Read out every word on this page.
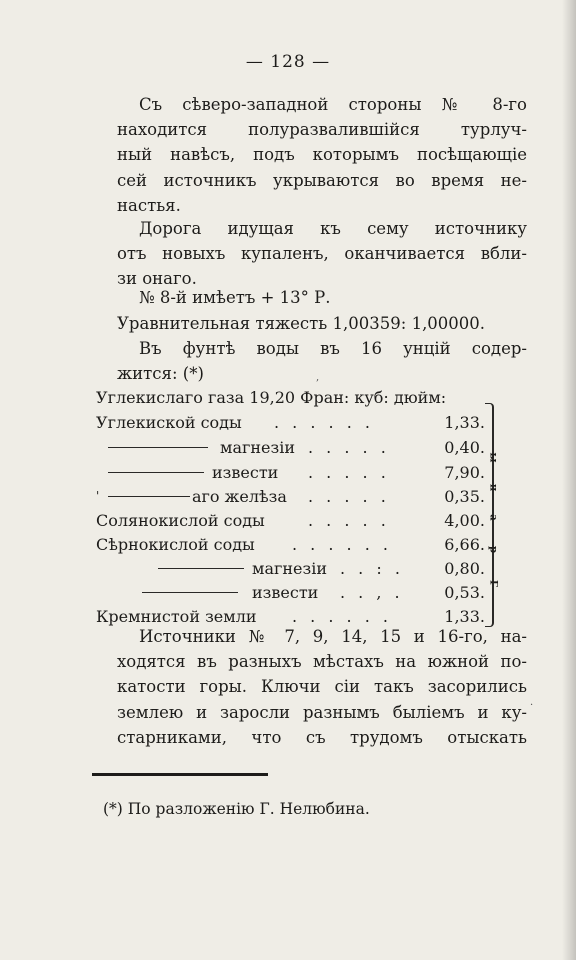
— 128 —
Съ сѣверо-западной стороны № 8-го
находится полуразвалившійся турлуч-
ный навѣсъ, подъ которымъ посѣщающіе
сей источникъ укрываются во время не-
настья.
Дорога идущая къ сему источнику
отъ новыхъ купаленъ, оканчивается вбли-
зи онаго.
№ 8-й имѣетъ + 13° Р.
Уравнительная тяжесть 1,00359: 1,00000.
Въ фунтѣ воды въ 16 унцій содер-
жится: (*)	,
Углекислаго газа 19,20 Фран: куб: дюйм:
Углекиской соды . . . . . .	1,33.
магнезіи . . . . .	0,40.
извести . . . . .	7,90.
'	аго желѣза . . . . .	0,35.
Солянокислой соды	. . . . .	4,00.
Сѣрнокислой соды . . . . . .	6,66.
магнезіи . . : .	0,80.
извести . . , .	0,53.
Кремнистой земли . . . . . .	1,33.
Г
р
а
н
ы
Источники № 7, 9, 14, 15 и 16-го, на-
ходятся въ разныхъ мѣстахъ на южной по-
катости горы. Ключи сіи такъ засорились
землею и заросли разнымъ быліемъ и ку-
старниками, что съ трудомъ отыскать
·
(*) По разложенію Г. Нелюбина.
